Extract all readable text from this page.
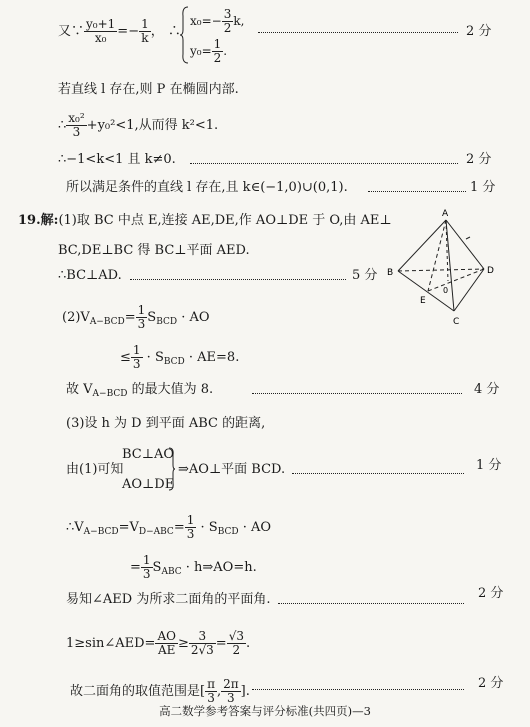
又∵ $\frac{\text{y₀+1}}{\text{x₀}} =- \frac{1}{k}$ ， ∴
$x_0=- \frac{3}{2} k$,
$y_0= \frac{1}{2}$ .
2 分
若直线 l 存在,则 P 在椭圆内部.
∴ $\frac{\text{x₀²}}{3} +y_0^2<1$,从而得 k²<1.
∴−1<k<1 且 k≠0.	2 分
所以满足条件的直线 l 存在,且 k∈(−1,0)∪(0,1).	1 分
19.解:(1)取 BC 中点 E,连接 AE,DE,作 AO⊥DE 于 O,由 AE⊥
BC,DE⊥BC 得 BC⊥平面 AED.
∴BC⊥AD.	5 分
A
B
C
D
E
0
$(2)V_{A-BCD}= \frac{1}{3} S_{BCD}$ · AO
≤ $\frac{1}{3} \cdot S_{BCD} \cdot AE=8$.
故 $V_{A-BCD}$ 的最大值为 8.	4 分
(3)设 h 为 D 到平面 ABC 的距离,
由(1)可知
BC⊥AO
AO⊥DE
⇒AO⊥平面 BCD.	1 分
$\therefore V_{A-BCD}=V_{D-ABC}= \frac{1}{3} \cdot S_{BCD}$ · AO
= $\frac{1}{3} S_{ABC}$ · h⇒AO=h.
易知∠AED 为所求二面角的平面角.	2 分
1≥sin∠AED= $\frac{AO}{AE} \ge \frac{3}{2√3} = \frac{√3}{2}$ .
故二面角的取值范围是[ $\frac{\pi}{3}$ , $\frac{2\pi}{3}$ ].
2 分
高二数学参考答案与评分标准(共四页)—3
